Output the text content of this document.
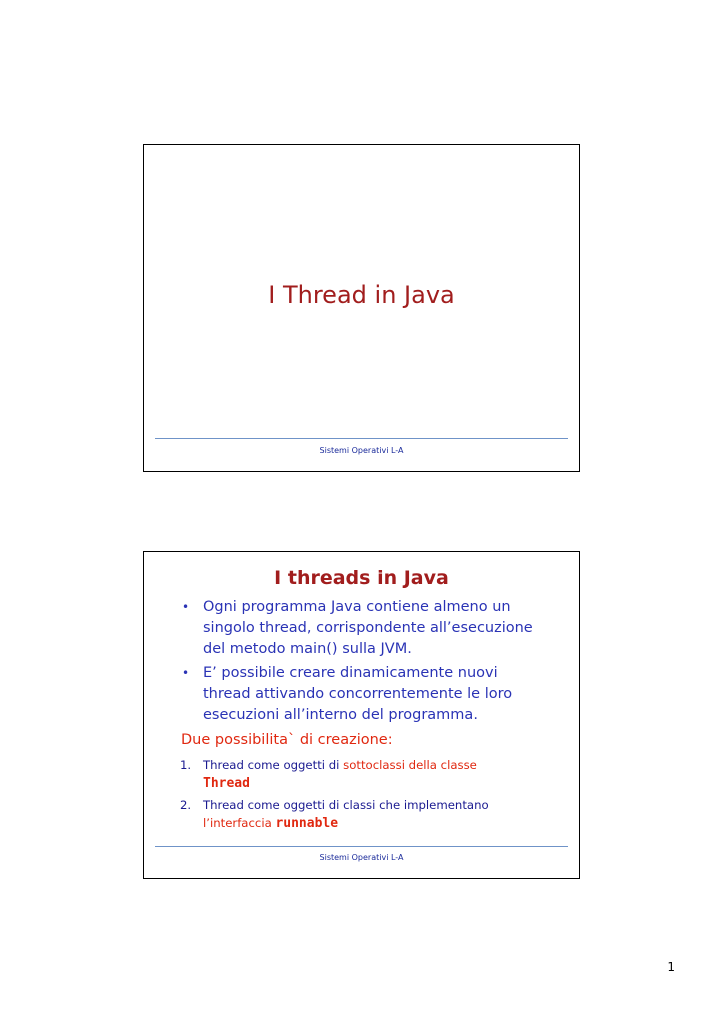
I Thread in Java
Sistemi Operativi L-A
I threads in Java
• Ogni programma Java contiene almeno un singolo thread, corrispondente all’esecuzione del metodo main() sulla JVM.
• E’ possibile creare dinamicamente nuovi thread attivando concorrentemente le loro esecuzioni all’interno del programma.
Due possibilita` di creazione:
1. Thread come oggetti di sottoclassi della classe
Thread
2. Thread come oggetti di classi che implementano
l’interfaccia runnable
Sistemi Operativi L-A
1
